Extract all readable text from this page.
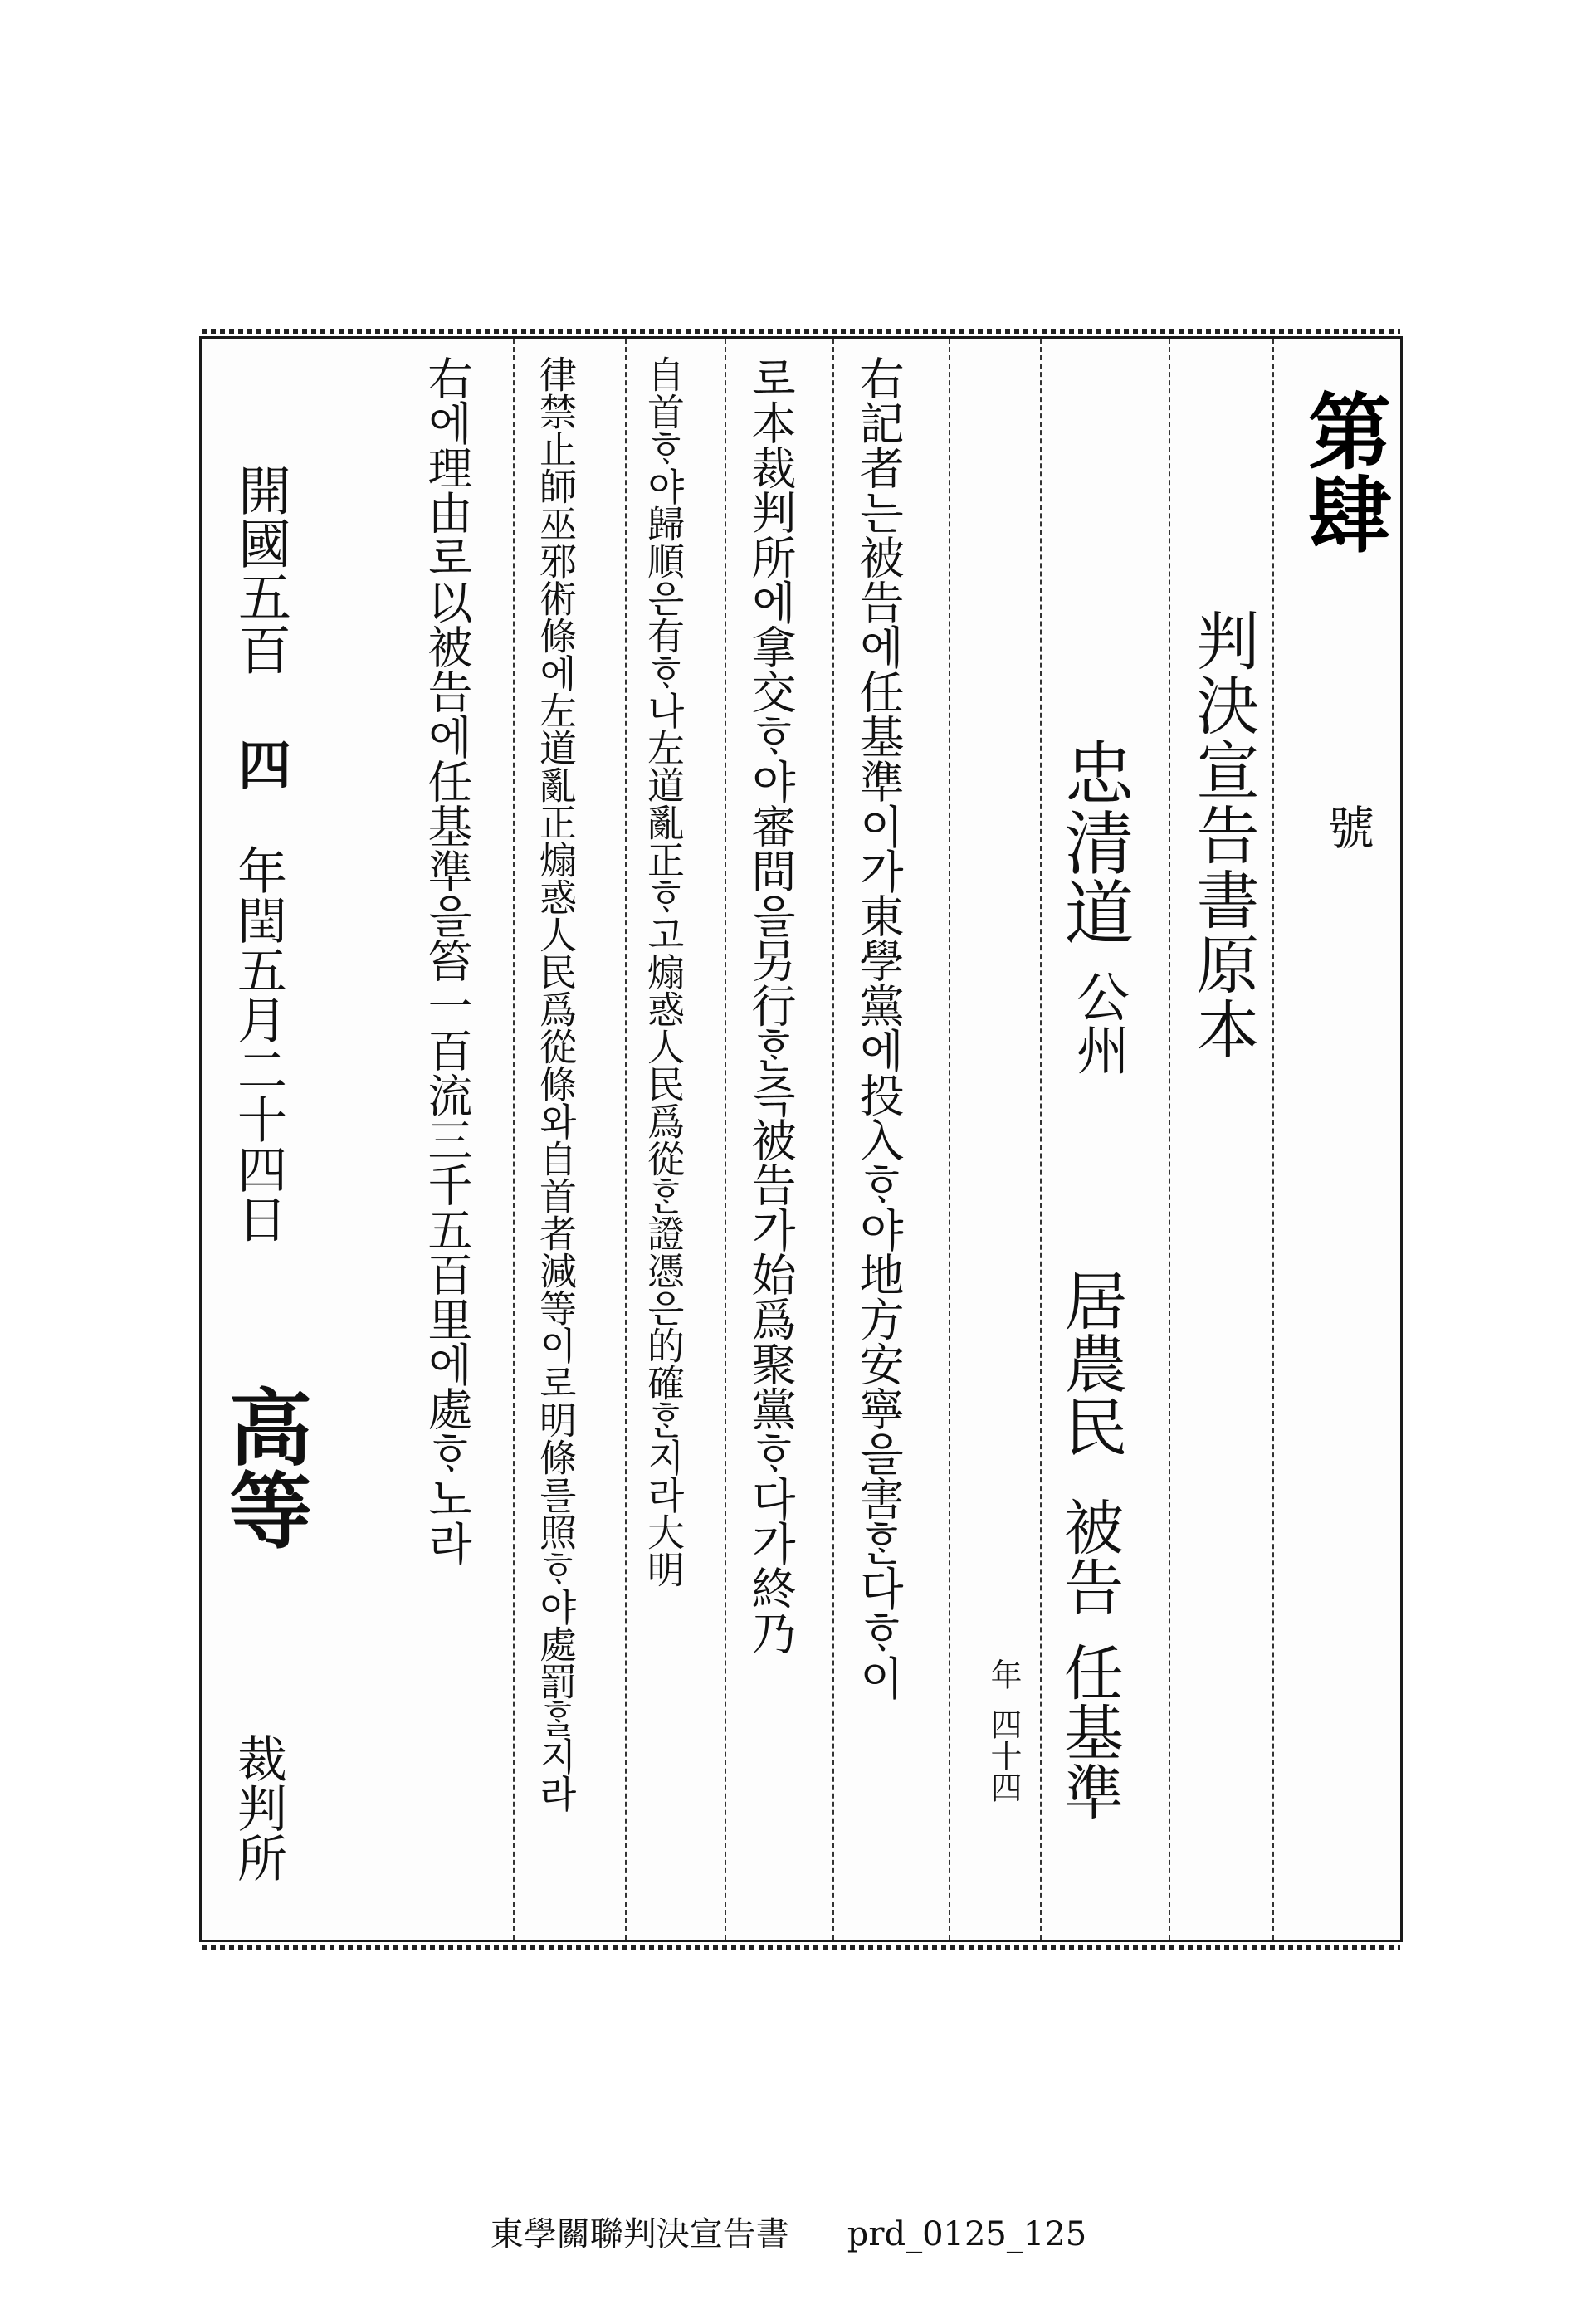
第肆
號
判決宣告書原本
忠清道
公州
居農民
被告
任基準
年
四十四
右記者는被告에任基準이가東學黨에投入ᄒᆞ야地方安寧을害ᄒᆞᆫ다ᄒᆞ이
로本裁判所에拿交ᄒᆞ야審問을另行ᄒᆞᆫ즉被告가始爲聚黨ᄒᆞ다가終乃
自首ᄒᆞ야歸順은有ᄒᆞ나左道亂正ᄒᆞ고煽惑人民爲從ᄒᆞᆫ證憑은的確ᄒᆞᆫ지라大明
律禁止師巫邪術條에左道亂正煽惑人民爲從條와自首者減等이로明條를照ᄒᆞ야處罰ᄒᆞᆯ지라
右에理由로以被告에任基準을笞一百流三千五百里에處ᄒᆞ노라
開國五百
四
年閏五月二十四日
高等
裁判所
東學關聯判決宣告書 prd_0125_125
